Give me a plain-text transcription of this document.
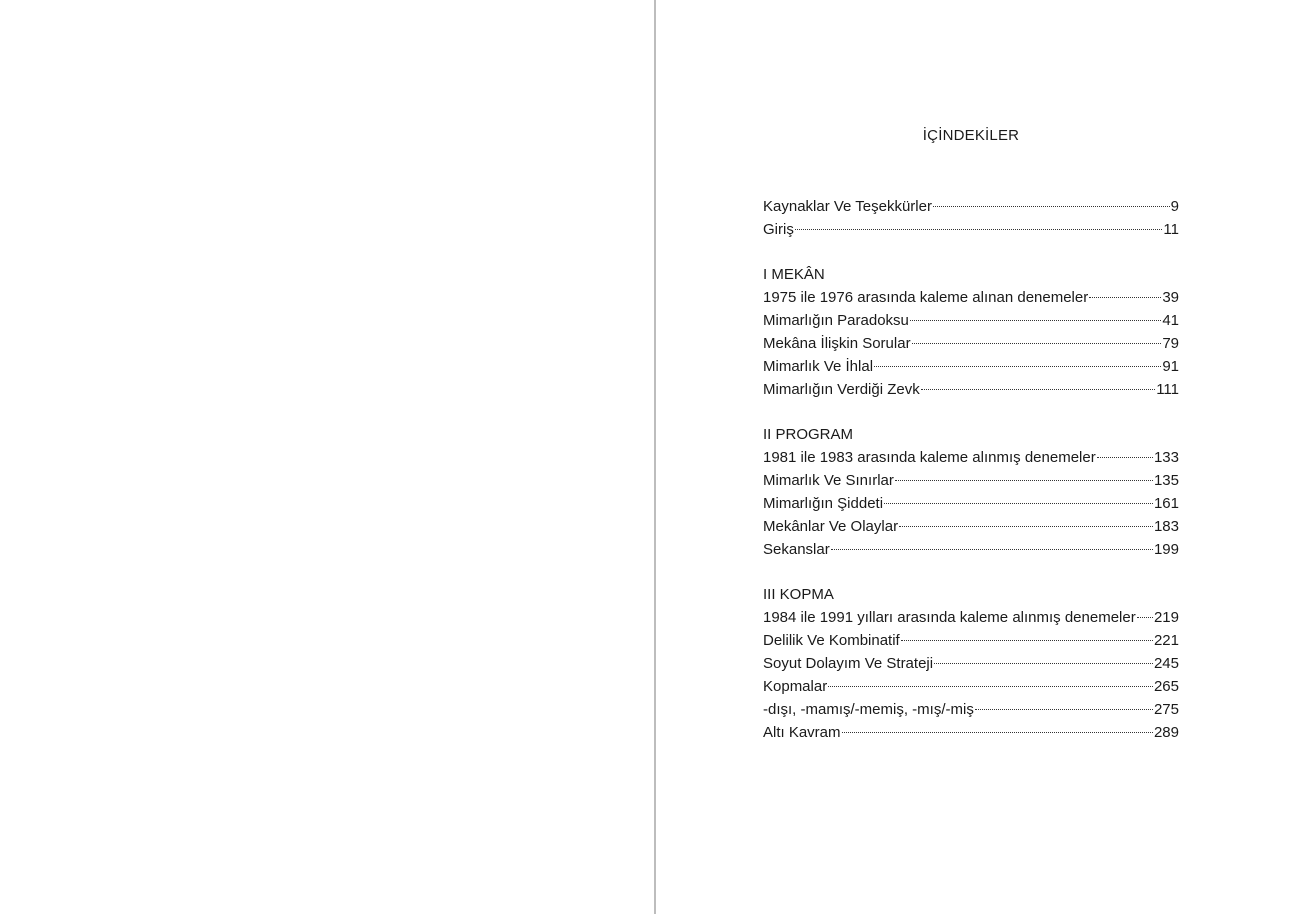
İÇİNDEKİLER
Kaynaklar Ve Teşekkürler	9
Giriş	11
I MEKÂN
1975 ile 1976 arasında kaleme alınan denemeler	39
Mimarlığın Paradoksu	41
Mekâna İlişkin Sorular	79
Mimarlık Ve İhlal	91
Mimarlığın Verdiği Zevk	111
II PROGRAM
1981 ile 1983 arasında kaleme alınmış denemeler	133
Mimarlık Ve Sınırlar	135
Mimarlığın Şiddeti	161
Mekânlar Ve Olaylar	183
Sekanslar	199
III KOPMA
1984 ile 1991 yılları arasında kaleme alınmış denemeler 219
Delilik Ve Kombinatif	221
Soyut Dolayım Ve Strateji	245
Kopmalar	265
-dışı, -mamış/-memiş, -mış/-miş	275
Altı Kavram	289
